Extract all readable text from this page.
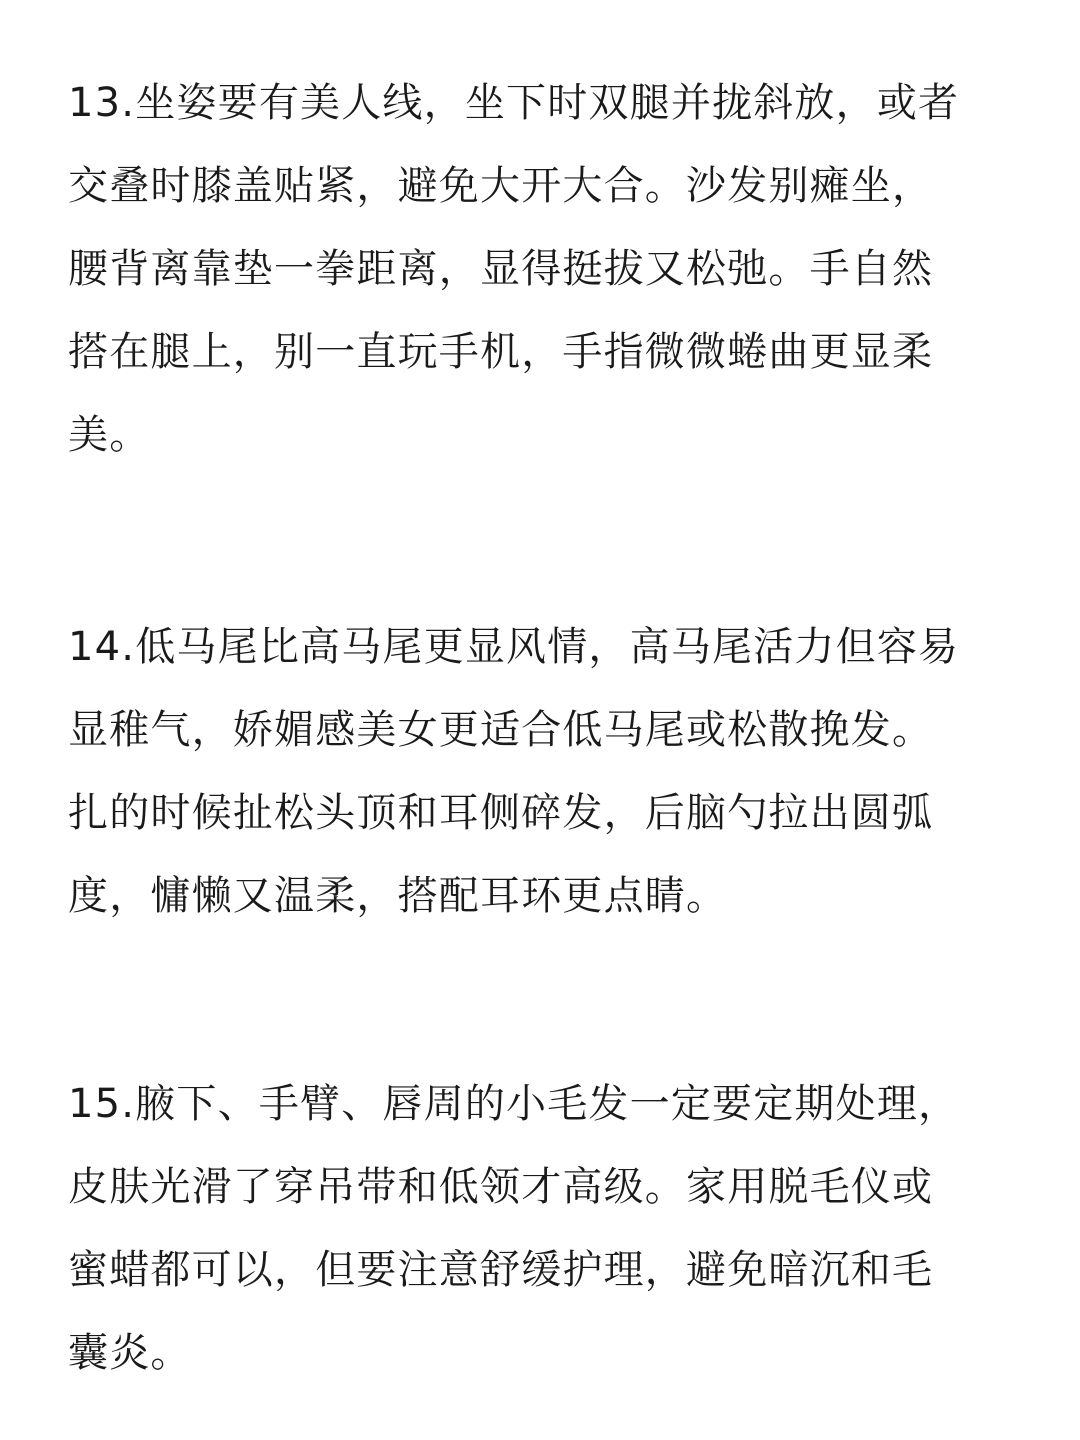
13.坐姿要有美人线，坐下时双腿并拢斜放，或者
交叠时膝盖贴紧，避免大开大合。沙发别瘫坐，
腰背离靠垫一拳距离，显得挺拔又松弛。手自然
搭在腿上，别一直玩手机，手指微微蜷曲更显柔
美。
14.低马尾比高马尾更显风情，高马尾活力但容易
显稚气，娇媚感美女更适合低马尾或松散挽发。
扎的时候扯松头顶和耳侧碎发，后脑勺拉出圆弧
度，慵懒又温柔，搭配耳环更点睛。
15.腋下、手臂、唇周的小毛发一定要定期处理，
皮肤光滑了穿吊带和低领才高级。家用脱毛仪或
蜜蜡都可以，但要注意舒缓护理，避免暗沉和毛
囊炎。
